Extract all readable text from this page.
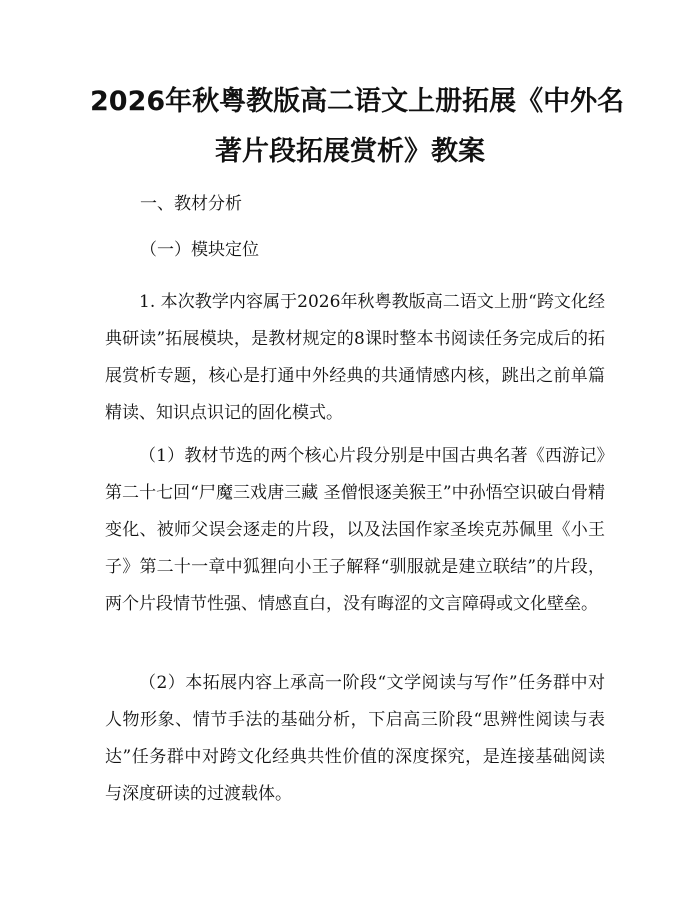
2026年秋粤教版高二语文上册拓展《中外名
著片段拓展赏析》教案

一、教材分析

（一）模块定位

1. 本次教学内容属于2026年秋粤教版高二语文上册“跨文化经典研读”拓展模块，是教材规定的8课时整本书阅读任务完成后的拓展赏析专题，核心是打通中外经典的共通情感内核，跳出之前单篇精读、知识点识记的固化模式。

（1）教材节选的两个核心片段分别是中国古典名著《西游记》第二十七回“尸魔三戏唐三藏 圣僧恨逐美猴王”中孙悟空识破白骨精变化、被师父误会逐走的片段，以及法国作家圣埃克苏佩里《小王子》第二十一章中狐狸向小王子解释“驯服就是建立联结”的片段，两个片段情节性强、情感直白，没有晦涩的文言障碍或文化壁垒。

（2）本拓展内容上承高一阶段“文学阅读与写作”任务群中对人物形象、情节手法的基础分析，下启高三阶段“思辨性阅读与表达”任务群中对跨文化经典共性价值的深度探究，是连接基础阅读与深度研读的过渡载体。
